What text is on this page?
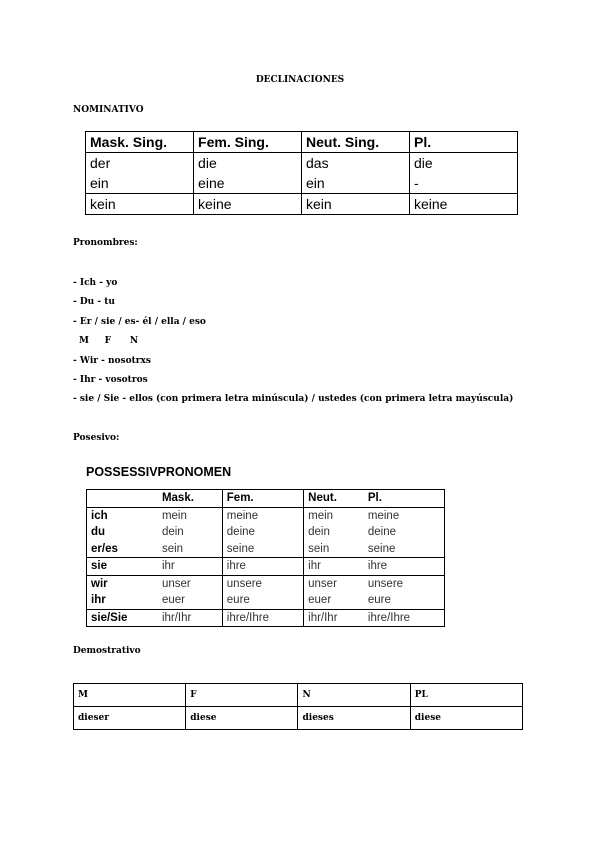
DECLINACIONES
NOMINATIVO
Mask. Sing.	Fem. Sing.	Neut. Sing.	Pl.
der	die	das	die
ein	eine	ein	-
kein	keine	kein	keine
Pronombres:
- Ich - yo
- Du - tu
- Er / sie / es- él / ella / eso
M     F      N
- Wir - nosotrxs
- Ihr - vosotros
- sie / Sie - ellos (con primera letra minúscula) / ustedes (con primera letra mayúscula)
Posesivo:
POSSESSIVPRONOMEN
	Mask.	Fem.	Neut.	Pl.
ich	mein	meine	mein	meine
du	dein	deine	dein	deine
er/es	sein	seine	sein	seine
sie	ihr	ihre	ihr	ihre
wir	unser	unsere	unser	unsere
ihr	euer	eure	euer	eure
sie/Sie	ihr/Ihr	ihre/Ihre	ihr/Ihr	ihre/Ihre
Demostrativo
M	F	N	PL
dieser	diese	dieses	diese
